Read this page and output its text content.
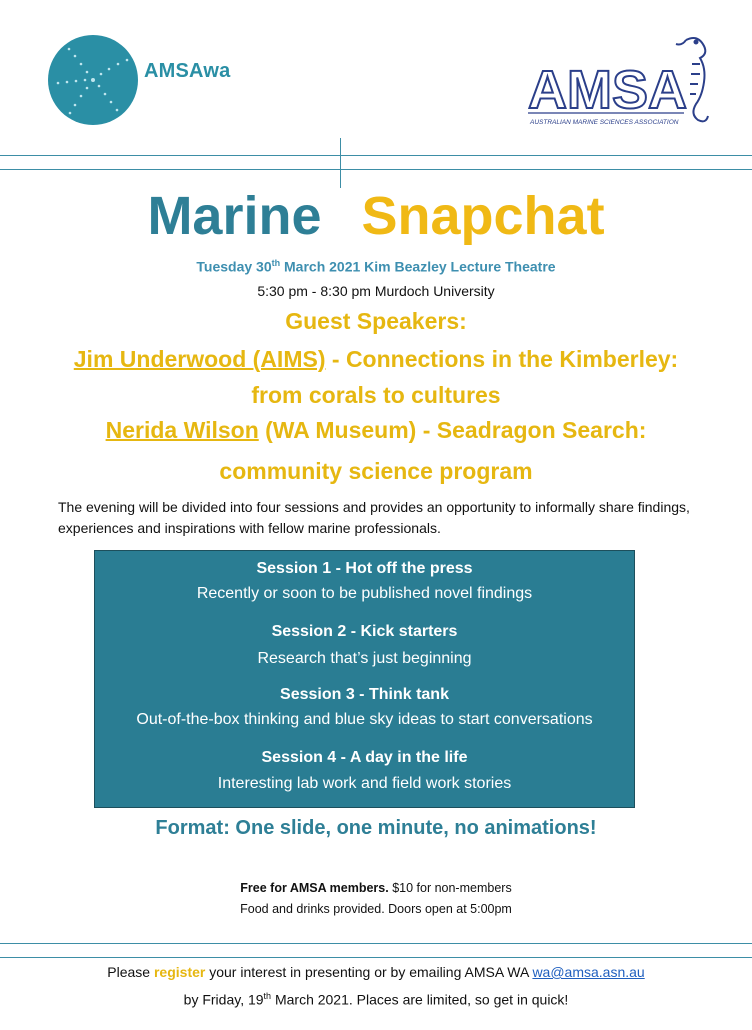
AMSAwa	AMSA
AUSTRALIAN MARINE SCIENCES ASSOCIATION
Marine Snapchat
Tuesday 30th March 2021 Kim Beazley Lecture Theatre
5:30 pm - 8:30 pm Murdoch University
Guest Speakers:
Jim Underwood (AIMS) - Connections in the Kimberley:
from corals to cultures
Nerida Wilson (WA Museum) - Seadragon Search:
community science program
The evening will be divided into four sessions and provides an opportunity to informally share findings, experiences and inspirations with fellow marine professionals.
Session 1 - Hot off the press
Recently or soon to be published novel findings
Session 2 - Kick starters
Research that’s just beginning
Session 3 - Think tank
Out-of-the-box thinking and blue sky ideas to start conversations
Session 4 - A day in the life
Interesting lab work and field work stories
Format: One slide, one minute, no animations!
Free for AMSA members. $10 for non-members
Food and drinks provided. Doors open at 5:00pm
Please register your interest in presenting or by emailing AMSA WA wa@amsa.asn.au
by Friday, 19th March 2021. Places are limited, so get in quick!
